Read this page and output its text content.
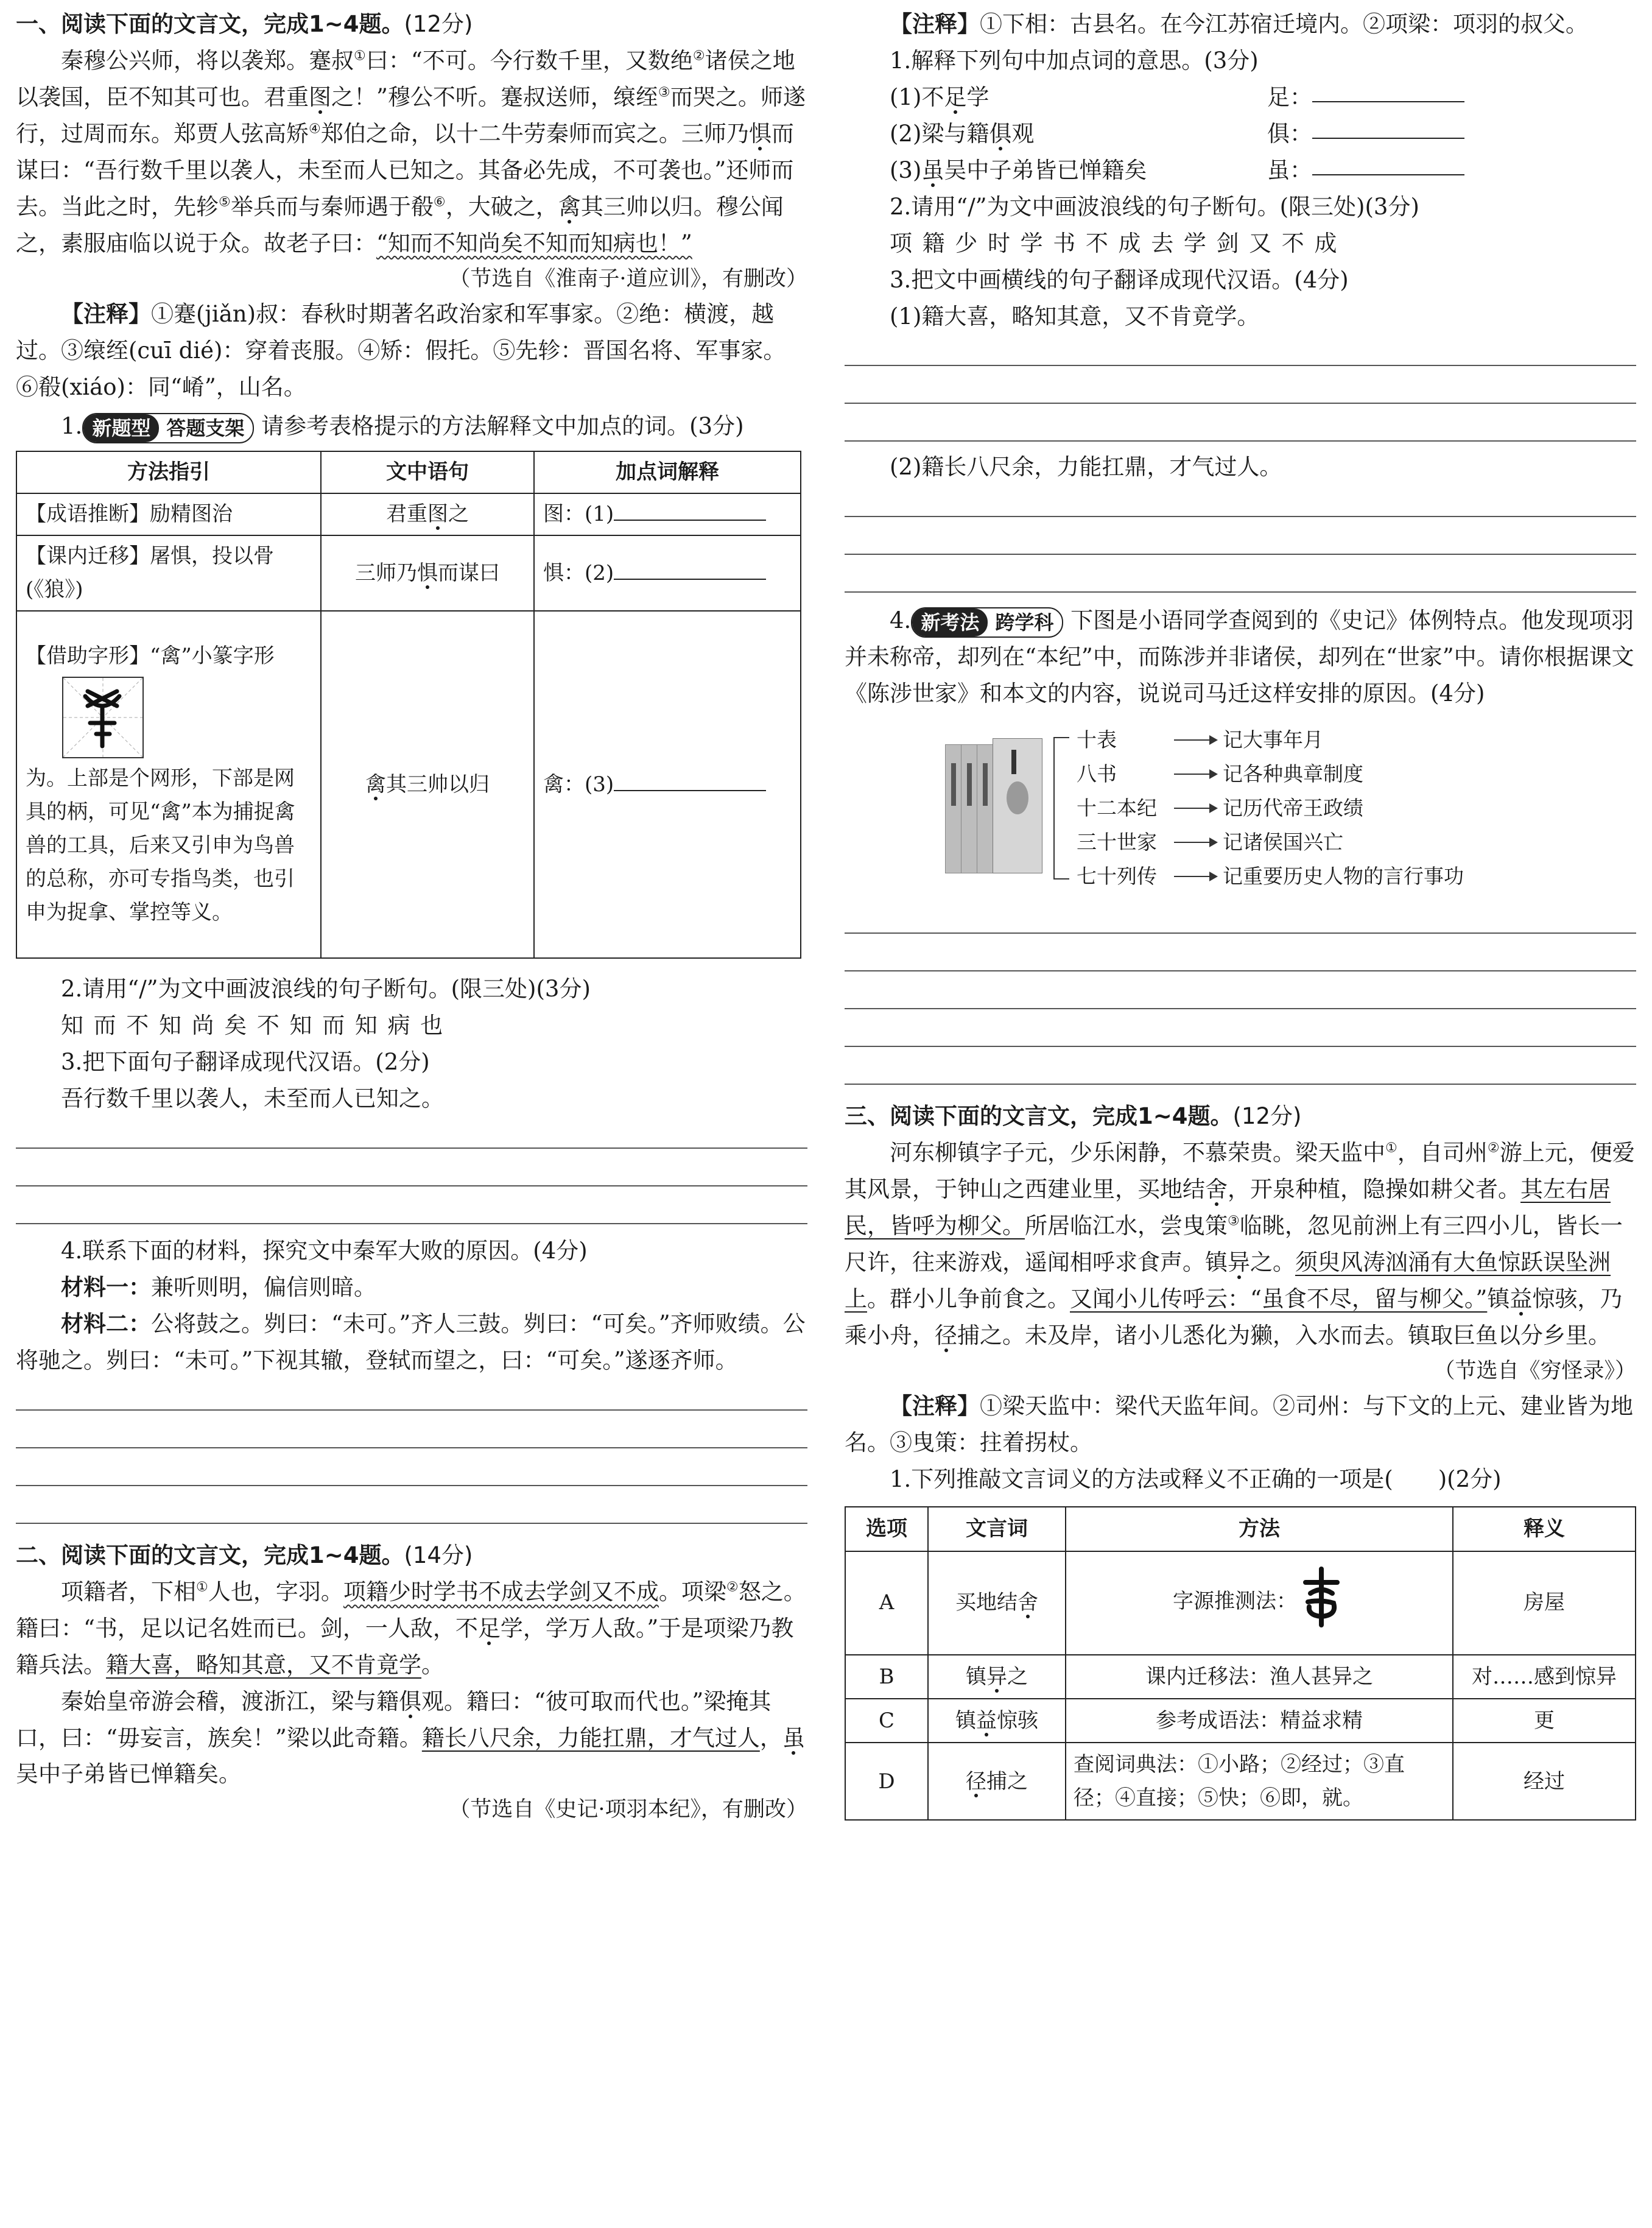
一、阅读下面的文言文，完成1~4题。(12分)

秦穆公兴师，将以袭郑。蹇叔①曰：“不可。今行数千里，又数绝②诸侯之地以袭国，臣不知其可也。君重图之！”穆公不听。蹇叔送师，缞绖③而哭之。师遂行，过周而东。郑贾人弦高矫④郑伯之命，以十二牛劳秦师而宾之。三师乃惧而谋曰：“吾行数千里以袭人，未至而人已知之。其备必先成，不可袭也。”还师而去。当此之时，先轸⑤举兵而与秦师遇于殽⑥，大破之，禽其三帅以归。穆公闻之，素服庙临以说于众。故老子曰：“知而不知尚矣不知而知病也！”

（节选自《淮南子·道应训》，有删改）

【注释】①蹇(jiǎn)叔：春秋时期著名政治家和军事家。②绝：横渡，越过。③缞绖(cuī dié)：穿着丧服。④矫：假托。⑤先轸：晋国名将、军事家。⑥殽(xiáo)：同“崤”，山名。

1. 新题型 答题支架 请参考表格提示的方法解释文中加点的词。(3分)

方法指引	文中语句	加点词解释
【成语推断】励精图治	君重图之	图：(1)
【课内迁移】屠惧，投以骨(《狼》)	三师乃惧而谋曰	惧：(2)
【借助字形】“禽”小篆字形

为。上部是个网形，下部是网具的柄，可见“禽”本为捕捉禽兽的工具，后来又引申为鸟兽的总称，亦可专指鸟类，也引申为捉拿、掌控等义。	禽其三帅以归	禽：(3)

2.请用“/”为文中画波浪线的句子断句。(限三处)(3分)

知而不知尚矣不知而知病也

3.把下面句子翻译成现代汉语。(2分)

吾行数千里以袭人，未至而人已知之。

4.联系下面的材料，探究文中秦军大败的原因。(4分)

材料一：兼听则明，偏信则暗。

材料二：公将鼓之。刿曰：“未可。”齐人三鼓。刿曰：“可矣。”齐师败绩。公将驰之。刿曰：“未可。”下视其辙，登轼而望之，曰：“可矣。”遂逐齐师。

二、阅读下面的文言文，完成1~4题。(14分)

项籍者，下相①人也，字羽。项籍少时学书不成去学剑又不成。项梁②怒之。籍曰：“书，足以记名姓而已。剑，一人敌，不足学，学万人敌。”于是项梁乃教籍兵法。籍大喜，略知其意，又不肯竟学。

秦始皇帝游会稽，渡浙江，梁与籍俱观。籍曰：“彼可取而代也。”梁掩其口，曰：“毋妄言，族矣！”梁以此奇籍。籍长八尺余，力能扛鼎，才气过人，虽吴中子弟皆已惮籍矣。

（节选自《史记·项羽本纪》，有删改）

【注释】①下相：古县名。在今江苏宿迁境内。②项梁：项羽的叔父。

1.解释下列句中加点词的意思。(3分)

(1)不足学	足：
(2)梁与籍俱观	俱：
(3)虽吴中子弟皆已惮籍矣	虽：

2.请用“/”为文中画波浪线的句子断句。(限三处)(3分)

项籍少时学书不成去学剑又不成

3.把文中画横线的句子翻译成现代汉语。(4分)

(1)籍大喜，略知其意，又不肯竟学。

(2)籍长八尺余，力能扛鼎，才气过人。

4. 新考法 跨学科 下图是小语同学查阅到的《史记》体例特点。他发现项羽并未称帝，却列在“本纪”中，而陈涉并非诸侯，却列在“世家”中。请你根据课文《陈涉世家》和本文的内容，说说司马迁这样安排的原因。(4分)

十表	记大事年月
八书	记各种典章制度
十二本纪	记历代帝王政绩
三十世家	记诸侯国兴亡
七十列传	记重要历史人物的言行事功

三、阅读下面的文言文，完成1~4题。(12分)

河东柳镇字子元，少乐闲静，不慕荣贵。梁天监中①，自司州②游上元，便爱其风景，于钟山之西建业里，买地结舍，开泉种植，隐操如耕父者。其左右居民，皆呼为柳父。所居临江水，尝曳策③临眺，忽见前洲上有三四小儿，皆长一尺许，往来游戏，遥闻相呼求食声。镇异之。须臾风涛汹涌有大鱼惊跃误坠洲上。群小儿争前食之。又闻小儿传呼云：“虽食不尽，留与柳父。”镇益惊骇，乃乘小舟，径捕之。未及岸，诸小儿悉化为獭，入水而去。镇取巨鱼以分乡里。

（节选自《穷怪录》）

【注释】①梁天监中：梁代天监年间。②司州：与下文的上元、建业皆为地名。③曳策：拄着拐杖。

1.下列推敲文言词义的方法或释义不正确的一项是(　　)(2分)

选项	文言词	方法	释义
A	买地结舍	字源推测法：	房屋
B	镇异之	课内迁移法：渔人甚异之	对……感到惊异
C	镇益惊骇	参考成语法：精益求精	更
D	径捕之	查阅词典法：①小路；②经过；③直径；④直接；⑤快；⑥即，就。	经过
